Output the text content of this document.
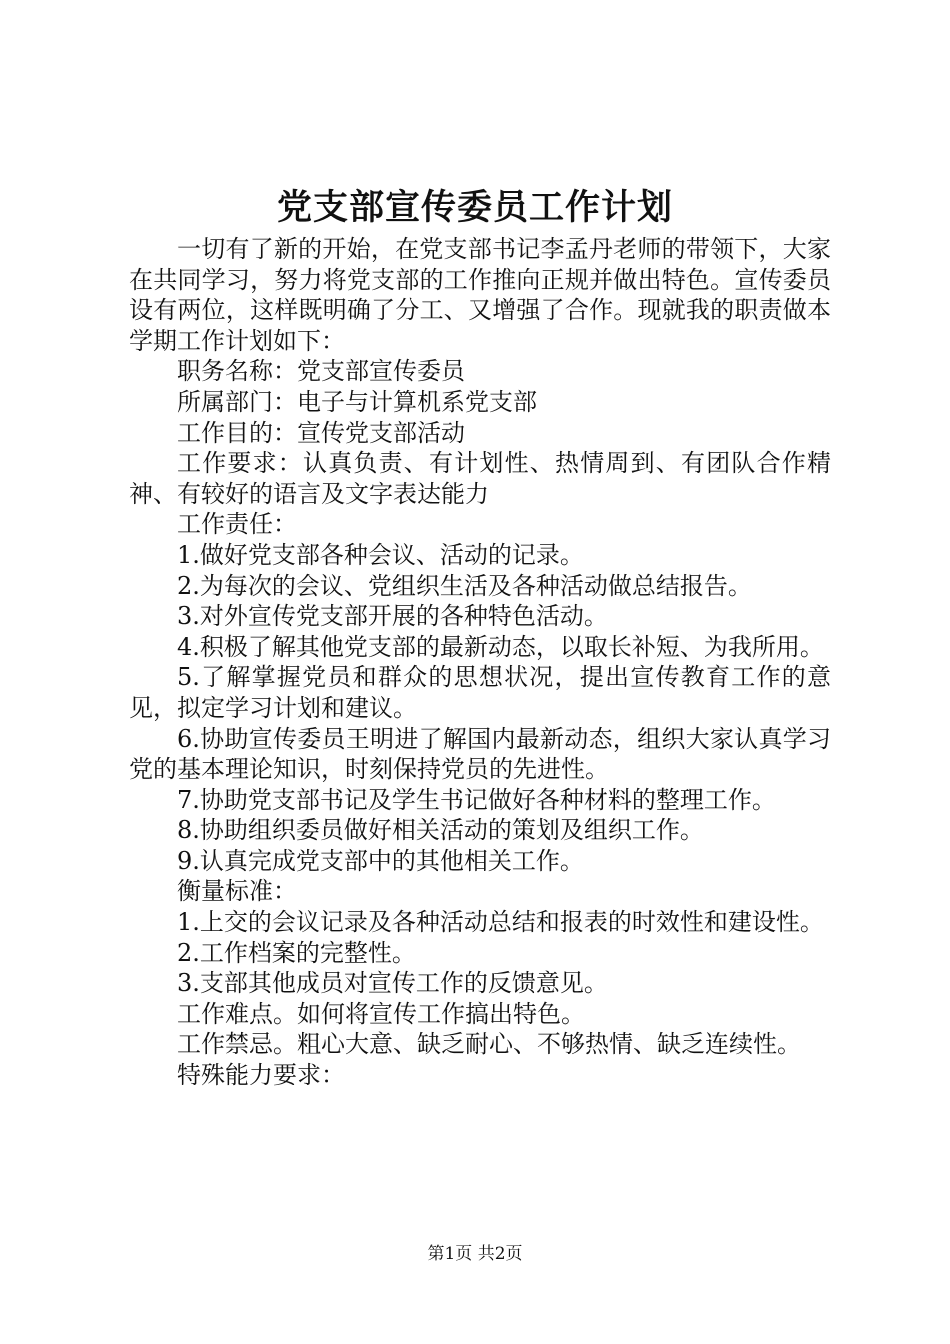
党支部宣传委员工作计划

一切有了新的开始，在党支部书记李孟丹老师的带领下，大家在共同学习，努力将党支部的工作推向正规并做出特色。宣传委员设有两位，这样既明确了分工、又增强了合作。现就我的职责做本学期工作计划如下：

职务名称：党支部宣传委员

所属部门：电子与计算机系党支部

工作目的：宣传党支部活动

工作要求：认真负责、有计划性、热情周到、有团队合作精神、有较好的语言及文字表达能力

工作责任：

1.做好党支部各种会议、活动的记录。

2.为每次的会议、党组织生活及各种活动做总结报告。

3.对外宣传党支部开展的各种特色活动。

4.积极了解其他党支部的最新动态，以取长补短、为我所用。

5.了解掌握党员和群众的思想状况，提出宣传教育工作的意见，拟定学习计划和建议。

6.协助宣传委员王明进了解国内最新动态，组织大家认真学习党的基本理论知识，时刻保持党员的先进性。

7.协助党支部书记及学生书记做好各种材料的整理工作。

8.协助组织委员做好相关活动的策划及组织工作。

9.认真完成党支部中的其他相关工作。

衡量标准：

1.上交的会议记录及各种活动总结和报表的时效性和建设性。

2.工作档案的完整性。

3.支部其他成员对宣传工作的反馈意见。

工作难点。如何将宣传工作搞出特色。

工作禁忌。粗心大意、缺乏耐心、不够热情、缺乏连续性。

特殊能力要求：

第1页 共2页
